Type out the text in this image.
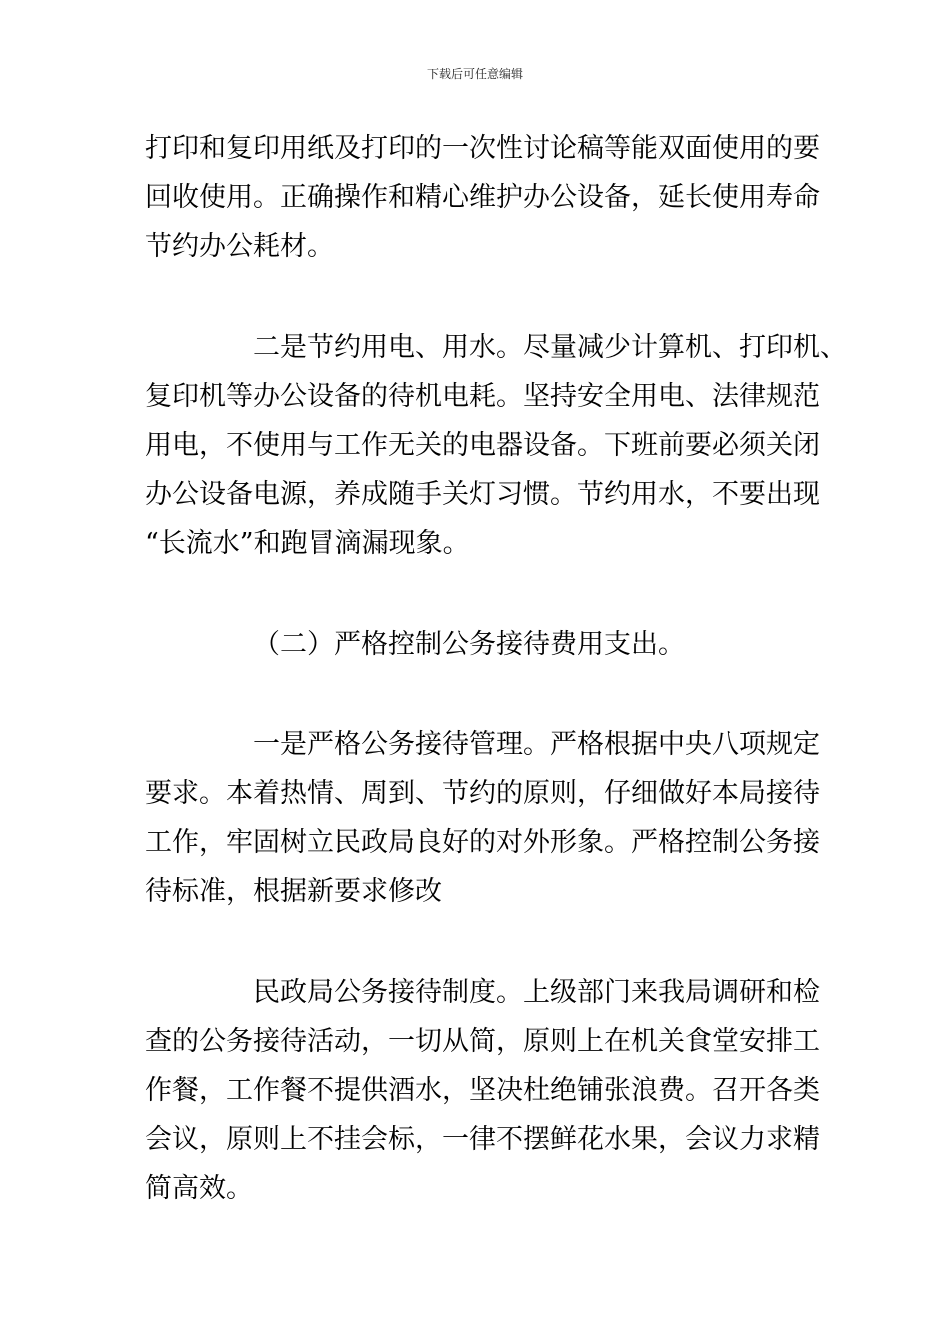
下载后可任意编辑
打印和复印用纸及打印的一次性讨论稿等能双面使用的要
回收使用。正确操作和精心维护办公设备，延长使用寿命
节约办公耗材。
二是节约用电、用水。尽量减少计算机、打印机、
复印机等办公设备的待机电耗。坚持安全用电、法律规范
用电，不使用与工作无关的电器设备。下班前要必须关闭
办公设备电源，养成随手关灯习惯。节约用水，不要出现
“长流水”和跑冒滴漏现象。
（二）严格控制公务接待费用支出。
一是严格公务接待管理。严格根据中央八项规定
要求。本着热情、周到、节约的原则，仔细做好本局接待
工作，牢固树立民政局良好的对外形象。严格控制公务接
待标准，根据新要求修改
民政局公务接待制度。上级部门来我局调研和检
查的公务接待活动，一切从简，原则上在机关食堂安排工
作餐，工作餐不提供酒水，坚决杜绝铺张浪费。召开各类
会议，原则上不挂会标，一律不摆鲜花水果，会议力求精
简高效。
